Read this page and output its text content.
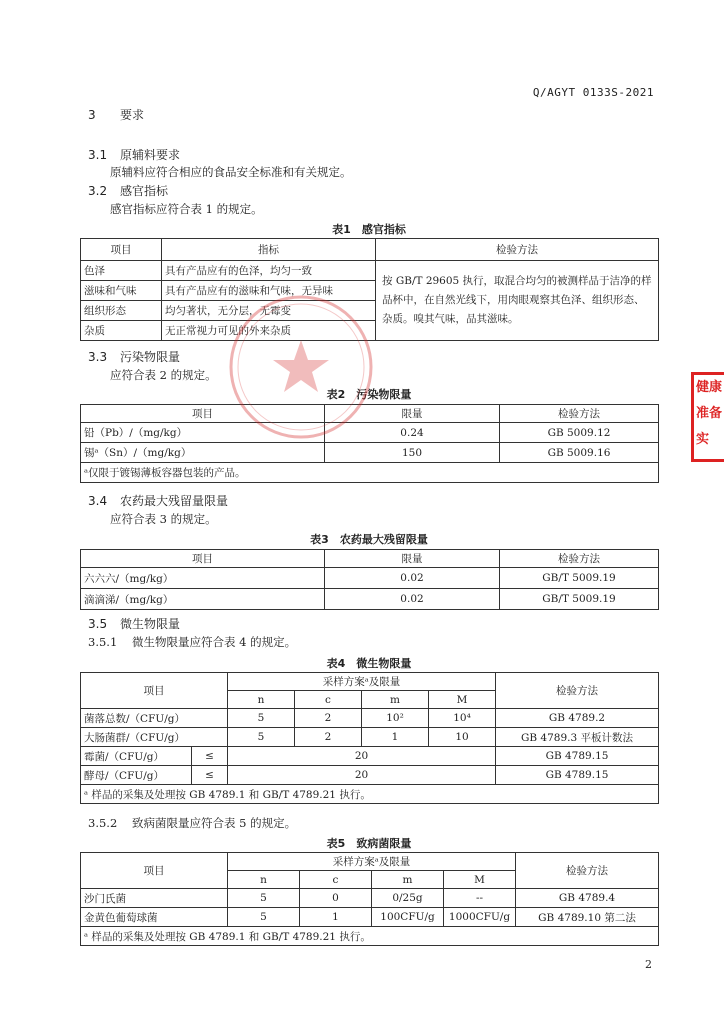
Q/AGYT 0133S-2021
3 要求
3.1 原辅料要求
原辅料应符合相应的食品安全标准和有关规定。
3.2 感官指标
感官指标应符合表 1 的规定。
表1　感官指标
项目	指标	检验方法
色泽	具有产品应有的色泽，均匀一致	按 GB/T 29605 执行，取混合均匀的被测样品于洁净的样品杯中，在自然光线下，用肉眼观察其色泽、组织形态、杂质。嗅其气味，品其滋味。
滋味和气味	具有产品应有的滋味和气味，无异味	
组织形态	均匀著状，无分层，无霉变	
杂质	无正常视力可见的外来杂质	
3.3 污染物限量
应符合表 2 的规定。
表2　污染物限量
项目	限量	检验方法
铅（Pb）/（mg/kg）	0.24	GB 5009.12
锡ᵃ（Sn）/（mg/kg）	150	GB 5009.16
ᵃ仅限于镀锡薄板容器包装的产品。		
3.4 农药最大残留量限量
应符合表 3 的规定。
表3　农药最大残留限量
项目	限量	检验方法
六六六/（mg/kg）	0.02	GB/T 5009.19
滴滴涕/（mg/kg）	0.02	GB/T 5009.19
3.5 微生物限量
3.5.1 微生物限量应符合表 4 的规定。
表4　微生物限量
项目		采样方案ᵃ及限量				检验方法
		n	c	m	M	
菌落总数/（CFU/g）		5	2	10²	10⁴	GB 4789.2
大肠菌群/（CFU/g）		5	2	1	10	GB 4789.3 平板计数法
霉菌/（CFU/g）	≤	20				GB 4789.15
酵母/（CFU/g）	≤	20				GB 4789.15
ᵃ 样品的采集及处理按 GB 4789.1 和 GB/T 4789.21 执行。						
3.5.2 致病菌限量应符合表 5 的规定。
表5　致病菌限量
项目	采样方案ᵃ及限量				检验方法
	n	c	m	M	
沙门氏菌	5	0	0/25g	--	GB 4789.4
金黄色葡萄球菌	5	1	100CFU/g	1000CFU/g	GB 4789.10 第二法
ᵃ 样品的采集及处理按 GB 4789.1 和 GB/T 4789.21 执行。					
健康
准备实
2
